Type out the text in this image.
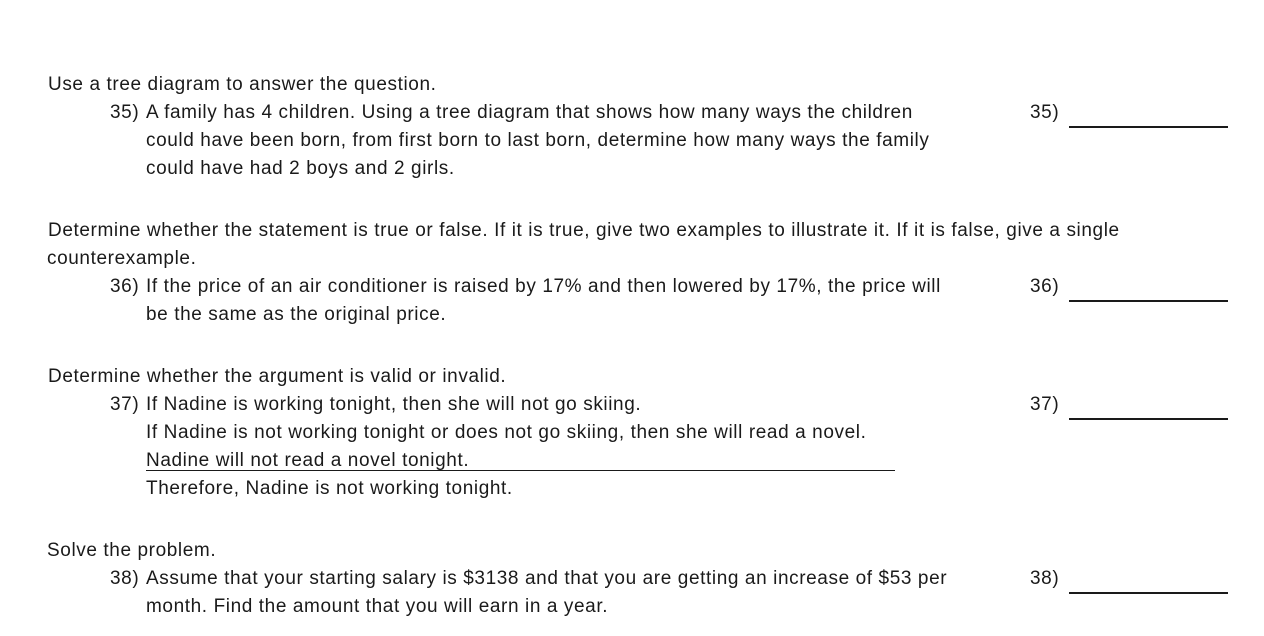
Use a tree diagram to answer the question.
35) A family has 4 children. Using a tree diagram that shows how many ways the children
could have been born, from first born to last born, determine how many ways the family
could have had 2 boys and 2 girls.
35)
Determine whether the statement is true or false. If it is true, give two examples to illustrate it. If it is false, give a single
counterexample.
36) If the price of an air conditioner is raised by 17% and then lowered by 17%, the price will
be the same as the original price.
36)
Determine whether the argument is valid or invalid.
37) If Nadine is working tonight, then she will not go skiing.
If Nadine is not working tonight or does not go skiing, then she will read a novel.
Nadine will not read a novel tonight.
Therefore, Nadine is not working tonight.
37)
Solve the problem.
38) Assume that your starting salary is $3138 and that you are getting an increase of $53 per
month. Find the amount that you will earn in a year.
38)
